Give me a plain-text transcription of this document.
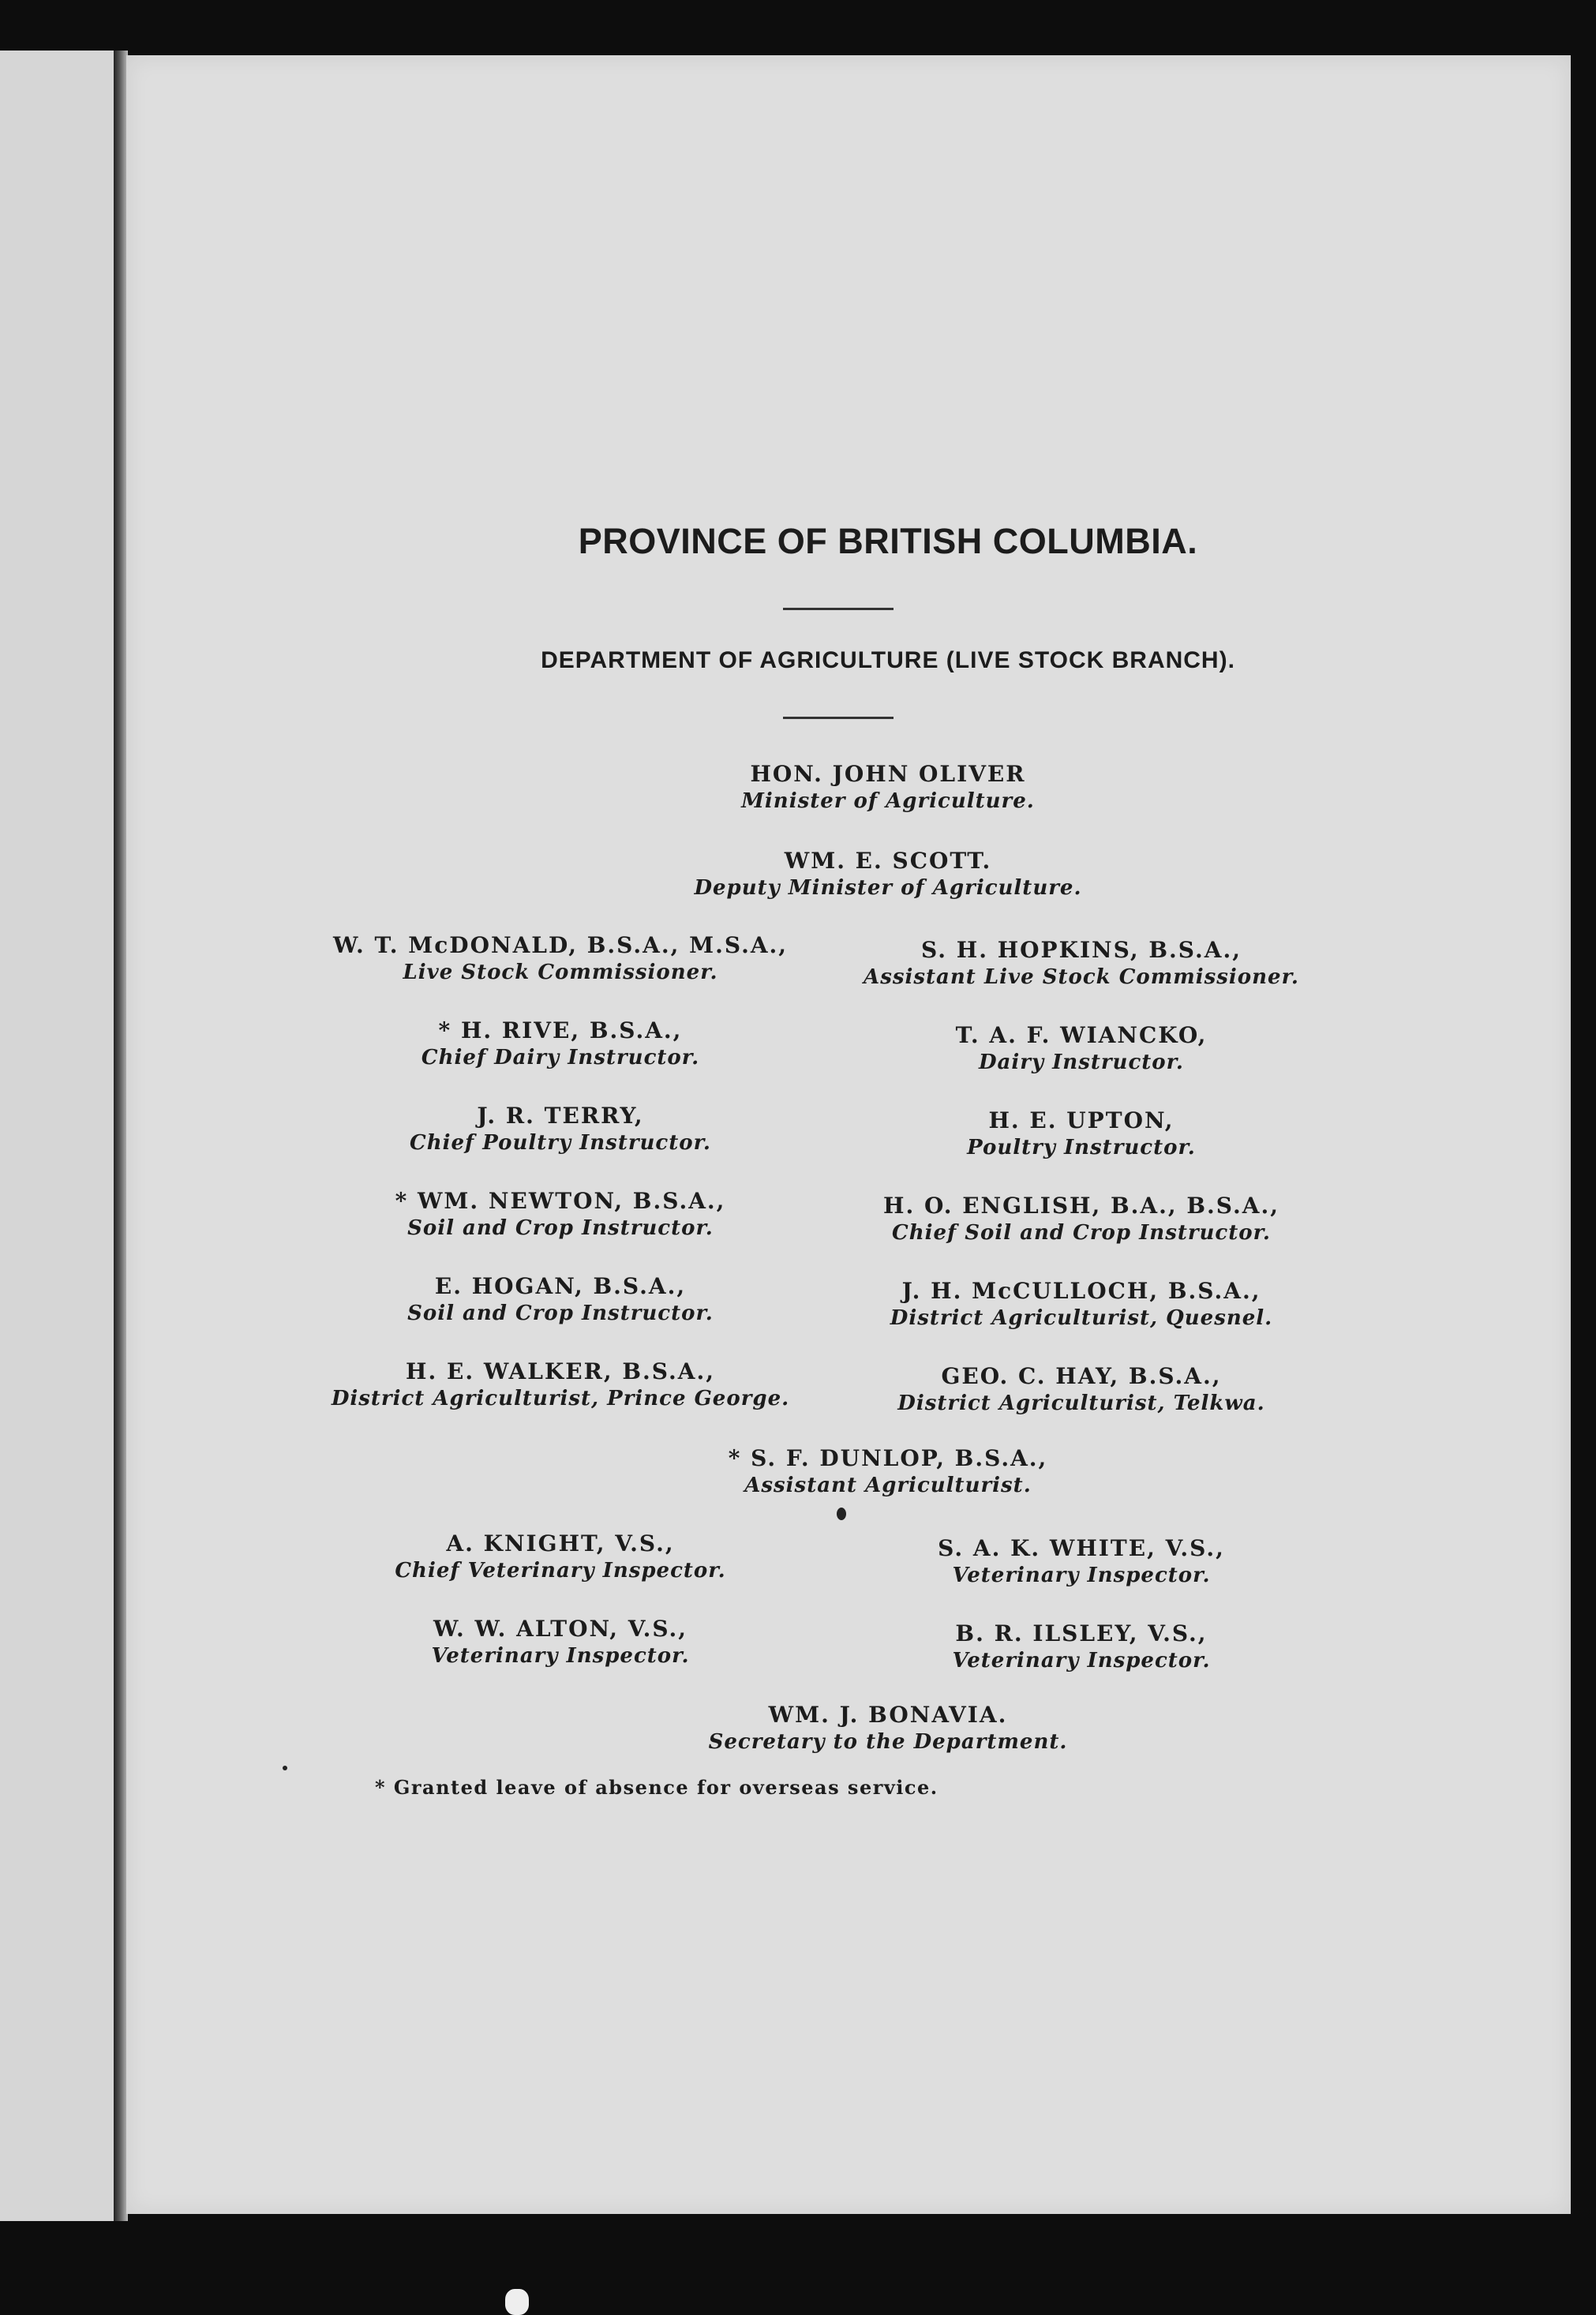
PROVINCE OF BRITISH COLUMBIA.
DEPARTMENT OF AGRICULTURE (LIVE STOCK BRANCH).
HON. JOHN OLIVER
Minister of Agriculture.
WM. E. SCOTT.
Deputy Minister of Agriculture.
W. T. McDONALD, B.S.A., M.S.A.,
Live Stock Commissioner.
* H. RIVE, B.S.A.,
Chief Dairy Instructor.
J. R. TERRY,
Chief Poultry Instructor.
* WM. NEWTON, B.S.A.,
Soil and Crop Instructor.
E. HOGAN, B.S.A.,
Soil and Crop Instructor.
H. E. WALKER, B.S.A.,
District Agriculturist, Prince George.
S. H. HOPKINS, B.S.A.,
Assistant Live Stock Commissioner.
T. A. F. WIANCKO,
Dairy Instructor.
H. E. UPTON,
Poultry Instructor.
H. O. ENGLISH, B.A., B.S.A.,
Chief Soil and Crop Instructor.
J. H. McCULLOCH, B.S.A.,
District Agriculturist, Quesnel.
GEO. C. HAY, B.S.A.,
District Agriculturist, Telkwa.
* S. F. DUNLOP, B.S.A.,
Assistant Agriculturist.
A. KNIGHT, V.S.,
Chief Veterinary Inspector.
W. W. ALTON, V.S.,
Veterinary Inspector.
S. A. K. WHITE, V.S.,
Veterinary Inspector.
B. R. ILSLEY, V.S.,
Veterinary Inspector.
WM. J. BONAVIA.
Secretary to the Department.
* Granted leave of absence for overseas service.
